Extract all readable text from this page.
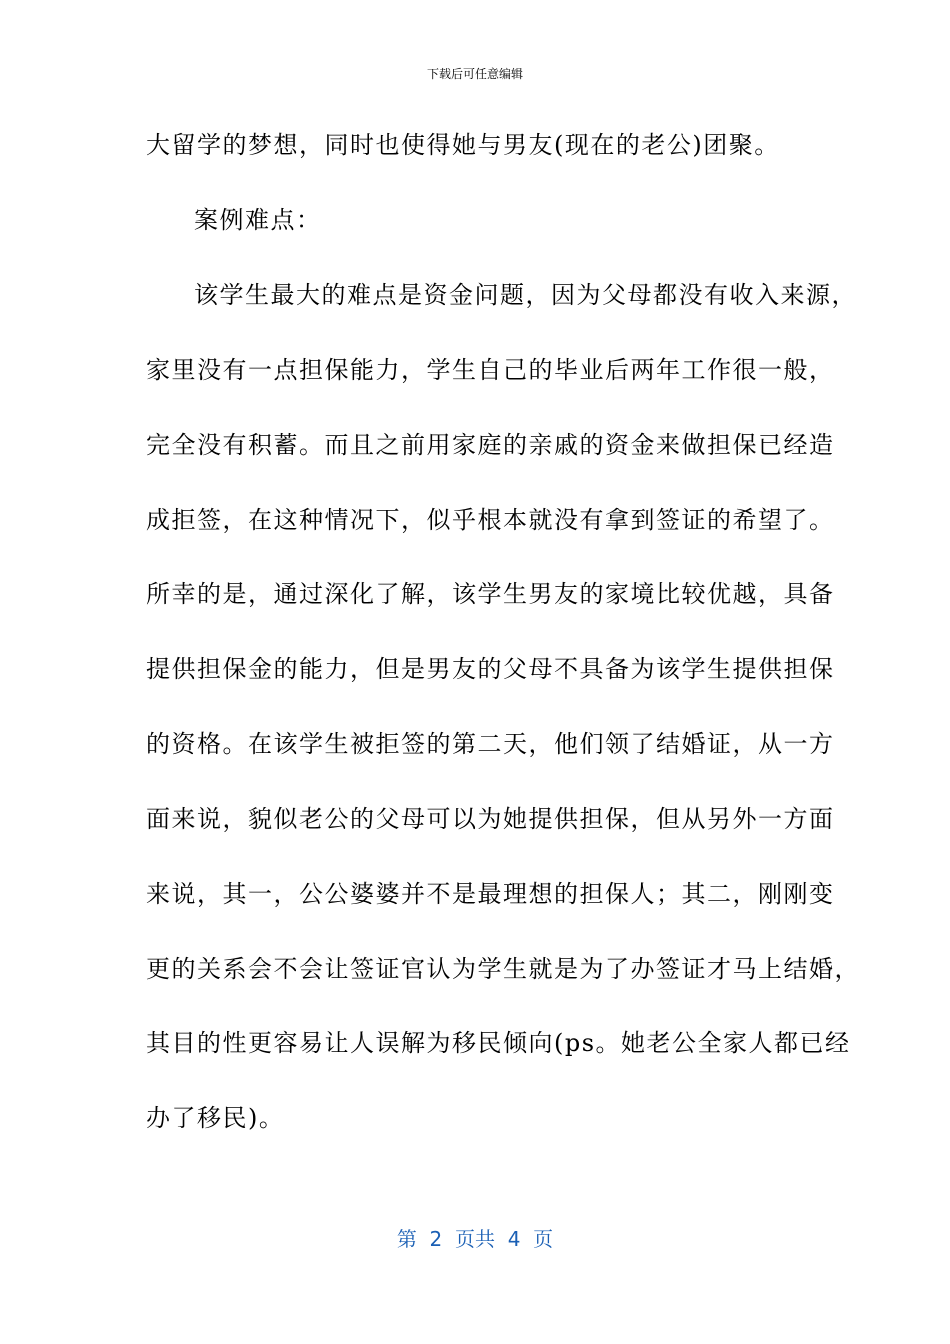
下载后可任意编辑
大留学的梦想，同时也使得她与男友(现在的老公)团聚。
案例难点：
该学生最大的难点是资金问题，因为父母都没有收入来源，
家里没有一点担保能力，学生自己的毕业后两年工作很一般，
完全没有积蓄。而且之前用家庭的亲戚的资金来做担保已经造
成拒签，在这种情况下，似乎根本就没有拿到签证的希望了。
所幸的是，通过深化了解，该学生男友的家境比较优越，具备
提供担保金的能力，但是男友的父母不具备为该学生提供担保
的资格。在该学生被拒签的第二天，他们领了结婚证，从一方
面来说，貌似老公的父母可以为她提供担保，但从另外一方面
来说，其一，公公婆婆并不是最理想的担保人；其二，刚刚变
更的关系会不会让签证官认为学生就是为了办签证才马上结婚，
其目的性更容易让人误解为移民倾向(ps。她老公全家人都已经
办了移民)。
第  2  页共  4  页
